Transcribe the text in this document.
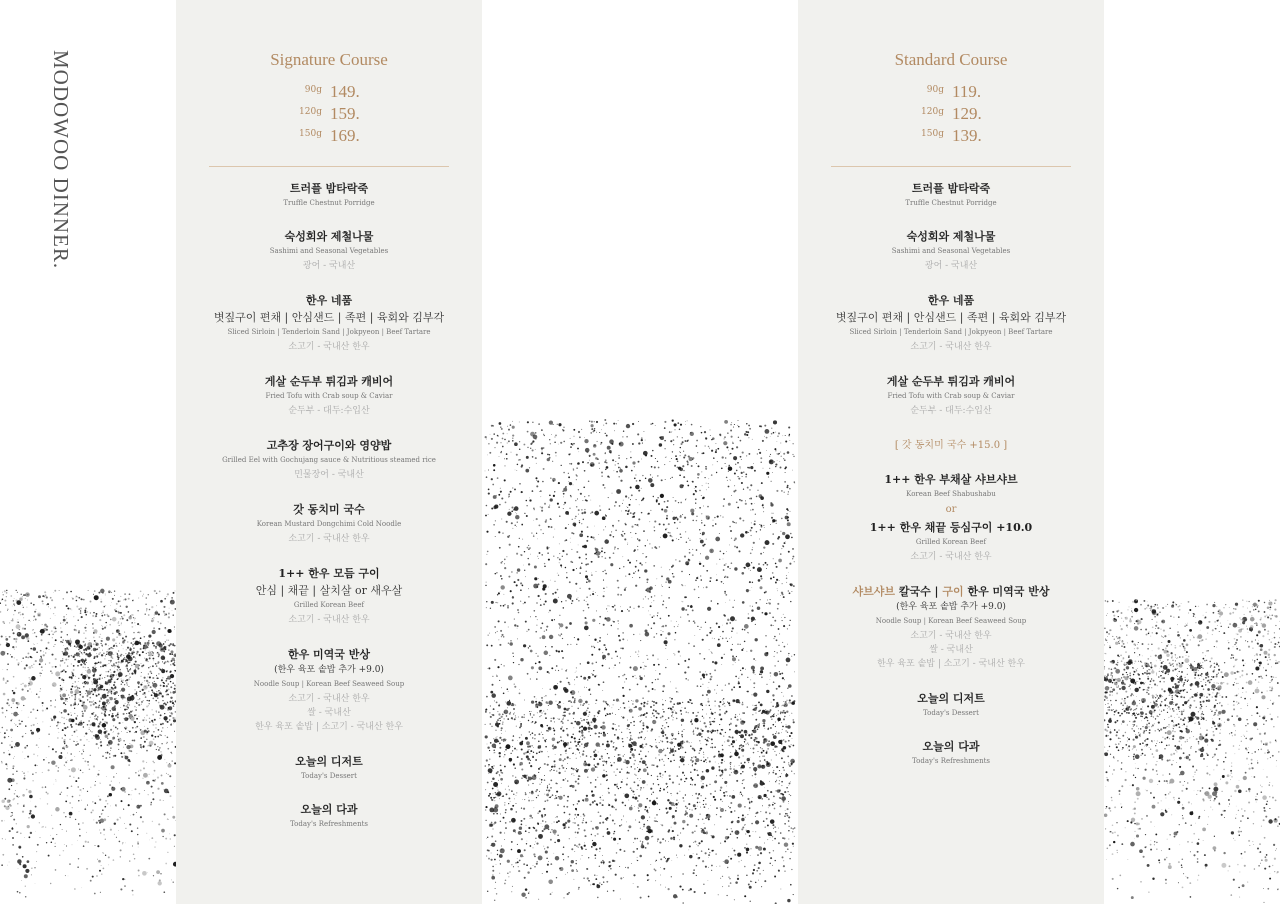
MODOWOO DINNER.	Signature Course
90g 149.
120g 159.
150g 169.
트러플 밤타락죽
Truffle Chestnut Porridge
숙성회와 제철나물
Sashimi and Seasonal Vegetables
광어 - 국내산
한우 네품
볏짚구이 편채 | 안심샌드 | 족편 | 육회와 김부각
Sliced Sirloin | Tenderloin Sand | Jokpyeon | Beef Tartare
소고기 - 국내산 한우
게살 순두부 튀김과 캐비어
Fried Tofu with Crab soup & Caviar
순두부 - 대두:수입산
고추장 장어구이와 영양밥
Grilled Eel with Gochujang sauce & Nutritious steamed rice
민물장어 - 국내산
갓 동치미 국수
Korean Mustard Dongchimi Cold Noodle
소고기 - 국내산 한우
1++ 한우 모듬 구이
안심 | 채끝 | 살치살 or 새우살
Grilled Korean Beef
소고기 - 국내산 한우
한우 미역국 반상
(한우 육포 솥밥 추가 +9.0)
Noodle Soup | Korean Beef Seaweed Soup
소고기 - 국내산 한우
쌀 - 국내산
한우 육포 솥밥 | 소고기 - 국내산 한우
오늘의 디저트
Today's Dessert
오늘의 다과
Today's Refreshments
Standard Course
90g 119.
120g 129.
150g 139.
트러플 밤타락죽
Truffle Chestnut Porridge
숙성회와 제철나물
Sashimi and Seasonal Vegetables
광어 - 국내산
한우 네품
볏짚구이 편채 | 안심샌드 | 족편 | 육회와 김부각
Sliced Sirloin | Tenderloin Sand | Jokpyeon | Beef Tartare
소고기 - 국내산 한우
게살 순두부 튀김과 캐비어
Fried Tofu with Crab soup & Caviar
순두부 - 대두:수입산
[ 갓 동치미 국수 +15.0 ]
1++ 한우 부채살 샤브샤브
Korean Beef Shabushabu
or
1++ 한우 채끝 등심구이 +10.0
Grilled Korean Beef
소고기 - 국내산 한우
샤브샤브 칼국수 | 구이 한우 미역국 반상
(한우 육포 솥밥 추가 +9.0)
Noodle Soup | Korean Beef Seaweed Soup
소고기 - 국내산 한우
쌀 - 국내산
한우 육포 솥밥 | 소고기 - 국내산 한우
오늘의 디저트
Today's Dessert
오늘의 다과
Today's Refreshments
